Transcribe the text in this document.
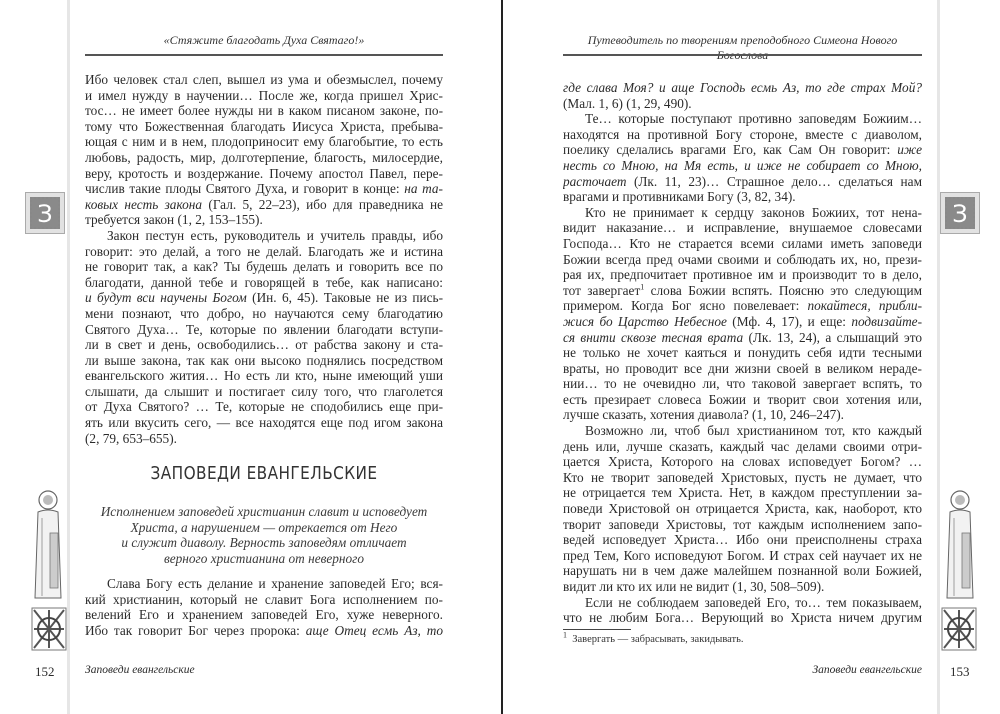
«Стяжите благодать Духа Святаго!»
З
Ибо человек стал слеп, вышел из ума и обезмыслел, почему
и имел нужду в научении… После же, когда пришел Хрис-
тос… не имеет более нужды ни в каком писаном законе, по-
тому что Божественная благодать Иисуса Христа, пребыва-
ющая с ним и в нем, плодоприносит ему благобытие, то есть
любовь, радость, мир, долготерпение, благость, милосердие,
веру, кротость и воздержание. Почему апостол Павел, пере-
числив такие плоды Святого Духа, и говорит в конце: на та-
ковых несть закона (Гал. 5, 22–23), ибо для праведника не
требуется закон (1, 2, 153–155).
Закон пестун есть, руководитель и учитель правды, ибо
говорит: это делай, а того не делай. Благодать же и истина
не говорит так, а как? Ты будешь делать и говорить все по
благодати, данной тебе и говорящей в тебе, как написано:
и будут вси научены Богом (Ин. 6, 45). Таковые не из пись-
мени познают, что добро, но научаются сему благодатию
Святого Духа… Те, которые по явлении благодати вступи-
ли в свет и день, освободились… от рабства закону и ста-
ли выше закона, так как они высоко поднялись посредством
евангельского жития… Но есть ли кто, ныне имеющий уши
слышати, да слышит и постигает силу того, что глаголется
от Духа Святого? … Те, которые не сподобились еще при-
ять или вкусить сего, — все находятся еще под игом закона
(2, 79, 653–655).
ЗАПОВЕДИ ЕВАНГЕЛЬСКИЕ
Исполнением заповедей христианин славит и исповедует
Христа, а нарушением — отрекается от Него
и служит диаволу. Верность заповедям отличает
верного христианина от неверного
Слава Богу есть делание и хранение заповедей Его; вся-
кий христианин, который не славит Бога исполнением по-
велений Его и хранением заповедей Его, хуже неверного.
Ибо так говорит Бог через пророка: аще Отец есмь Аз, то
152	Заповеди евангельские
Путеводитель по творениям преподобного Симеона Нового
З
где слава Моя? и аще Господь есмь Аз, то где страх Мой?
(Мал. 1, 6) (1, 29, 490).
Те… которые поступают противно заповедям Божиим…
находятся на противной Богу стороне, вместе с диаволом,
поелику сделались врагами Его, как Сам Он говорит: иже
несть со Мною, на Мя есть, и иже не собирает со Мною,
расточает (Лк. 11, 23)… Страшное дело… сделаться нам
врагами и противниками Богу (3, 82, 34).
Кто не принимает к сердцу законов Божиих, тот нена-
видит наказание… и исправление, внушаемое словесами
Господа… Кто не старается всеми силами иметь заповеди
Божии всегда пред очами своими и соблюдать их, но, прези-
рая их, предпочитает противное им и производит то в дело,
тот завергает$^1$ слова Божии вспять. Поясню это следующим
примером. Когда Бог ясно повелевает: покайтеся, прибли-
жися бо Царство Небесное (Мф. 4, 17), и еще: подвизайте-
ся внити сквозе тесная врата (Лк. 13, 24), а слышащий это
не только не хочет каяться и понудить себя идти тесными
враты, но проводит все дни жизни своей в великом нераде-
нии… то не очевидно ли, что таковой завергает вспять, то
есть презирает словеса Божии и творит свои хотения или,
лучше сказать, хотения диавола? (1, 10, 246–247).
Возможно ли, чтоб был христианином тот, кто каждый
день или, лучше сказать, каждый час делами своими отри-
цается Христа, Которого на словах исповедует Богом? …
Кто не творит заповедей Христовых, пусть не думает, что
не отрицается тем Христа. Нет, в каждом преступлении за-
поведи Христовой он отрицается Христа, как, наоборот, кто
творит заповеди Христовы, тот каждым исполнением запо-
ведей исповедует Христа… Ибо они преисполнены страха
пред Тем, Кого исповедуют Богом. И страх сей научает их не
нарушать ни в чем даже малейшем познанной воли Божией,
видит ли кто их или не видит (1, 30, 508–509).
Если не соблюдаем заповедей Его, то… тем показываем,
что не любим Бога… Верующий во Христа ничем другим
$^1$ Завергать — забрасывать, закидывать.
Заповеди евангельские 153
